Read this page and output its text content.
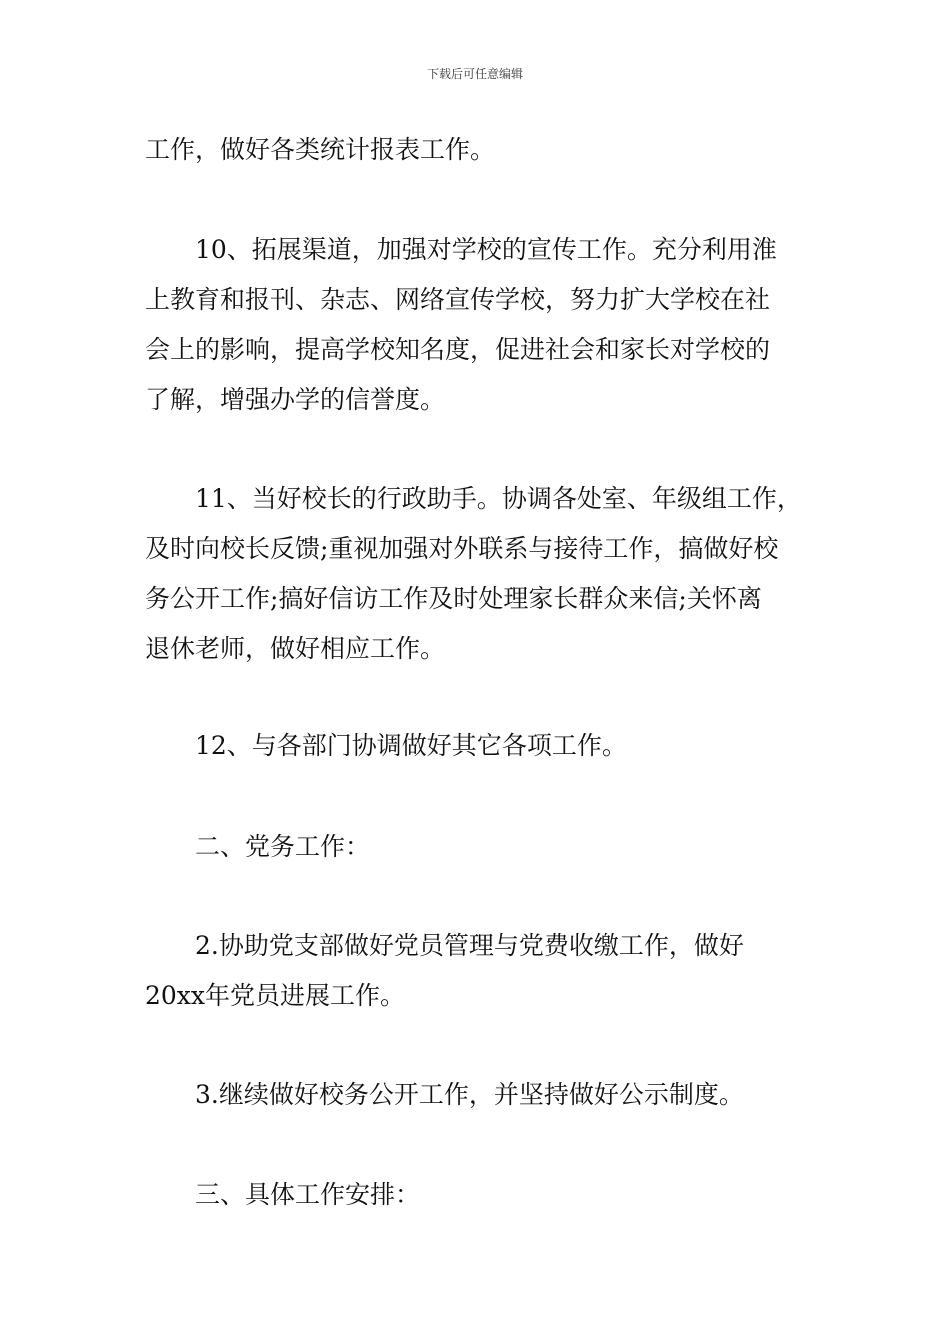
下载后可任意编辑
工作，做好各类统计报表工作。
10、拓展渠道，加强对学校的宣传工作。充分利用淮
上教育和报刊、杂志、网络宣传学校，努力扩大学校在社
会上的影响，提高学校知名度，促进社会和家长对学校的
了解，增强办学的信誉度。
11、当好校长的行政助手。协调各处室、年级组工作，
及时向校长反馈;重视加强对外联系与接待工作，搞做好校
务公开工作;搞好信访工作及时处理家长群众来信;关怀离
退休老师，做好相应工作。
12、与各部门协调做好其它各项工作。
二、党务工作：
2.协助党支部做好党员管理与党费收缴工作，做好
20xx年党员进展工作。
3.继续做好校务公开工作，并坚持做好公示制度。
三、具体工作安排：
